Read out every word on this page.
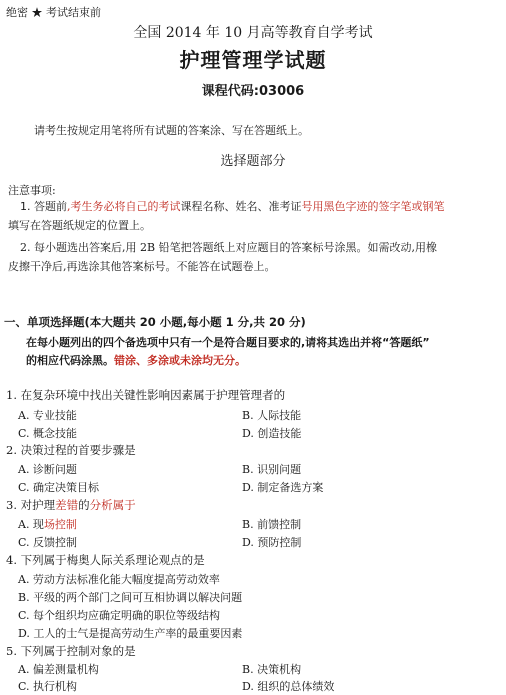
绝密 ★ 考试结束前
全国 2014 年 10 月高等教育自学考试
护理管理学试题
课程代码:03006
请考生按规定用笔将所有试题的答案涂、写在答题纸上。
选择题部分
注意事项:
1. 答题前,考生务必将自己的考试课程名称、姓名、准考证号用黑色字迹的签字笔或钢笔
填写在答题纸规定的位置上。
2. 每小题选出答案后,用 2B 铅笔把答题纸上对应题目的答案标号涂黑。如需改动,用橡
皮擦干净后,再选涂其他答案标号。不能答在试题卷上。
一、单项选择题(本大题共 20 小题,每小题 1 分,共 20 分)
在每小题列出的四个备选项中只有一个是符合题目要求的,请将其选出并将“答题纸”
的相应代码涂黑。错涂、多涂或未涂均无分。
1. 在复杂环境中找出关键性影响因素属于护理管理者的
A. 专业技能	B. 人际技能
C. 概念技能	D. 创造技能
2. 决策过程的首要步骤是
A. 诊断问题	B. 识别问题
C. 确定决策目标	D. 制定备选方案
3. 对护理差错的分析属于
A. 现场控制	B. 前馈控制
C. 反馈控制	D. 预防控制
4. 下列属于梅奥人际关系理论观点的是
A. 劳动方法标准化能大幅度提高劳动效率
B. 平级的两个部门之间可互相协调以解决问题
C. 每个组织均应确定明确的职位等级结构
D. 工人的士气是提高劳动生产率的最重要因素
5. 下列属于控制对象的是
A. 偏差测量机构	B. 决策机构
C. 执行机构	D. 组织的总体绩效
